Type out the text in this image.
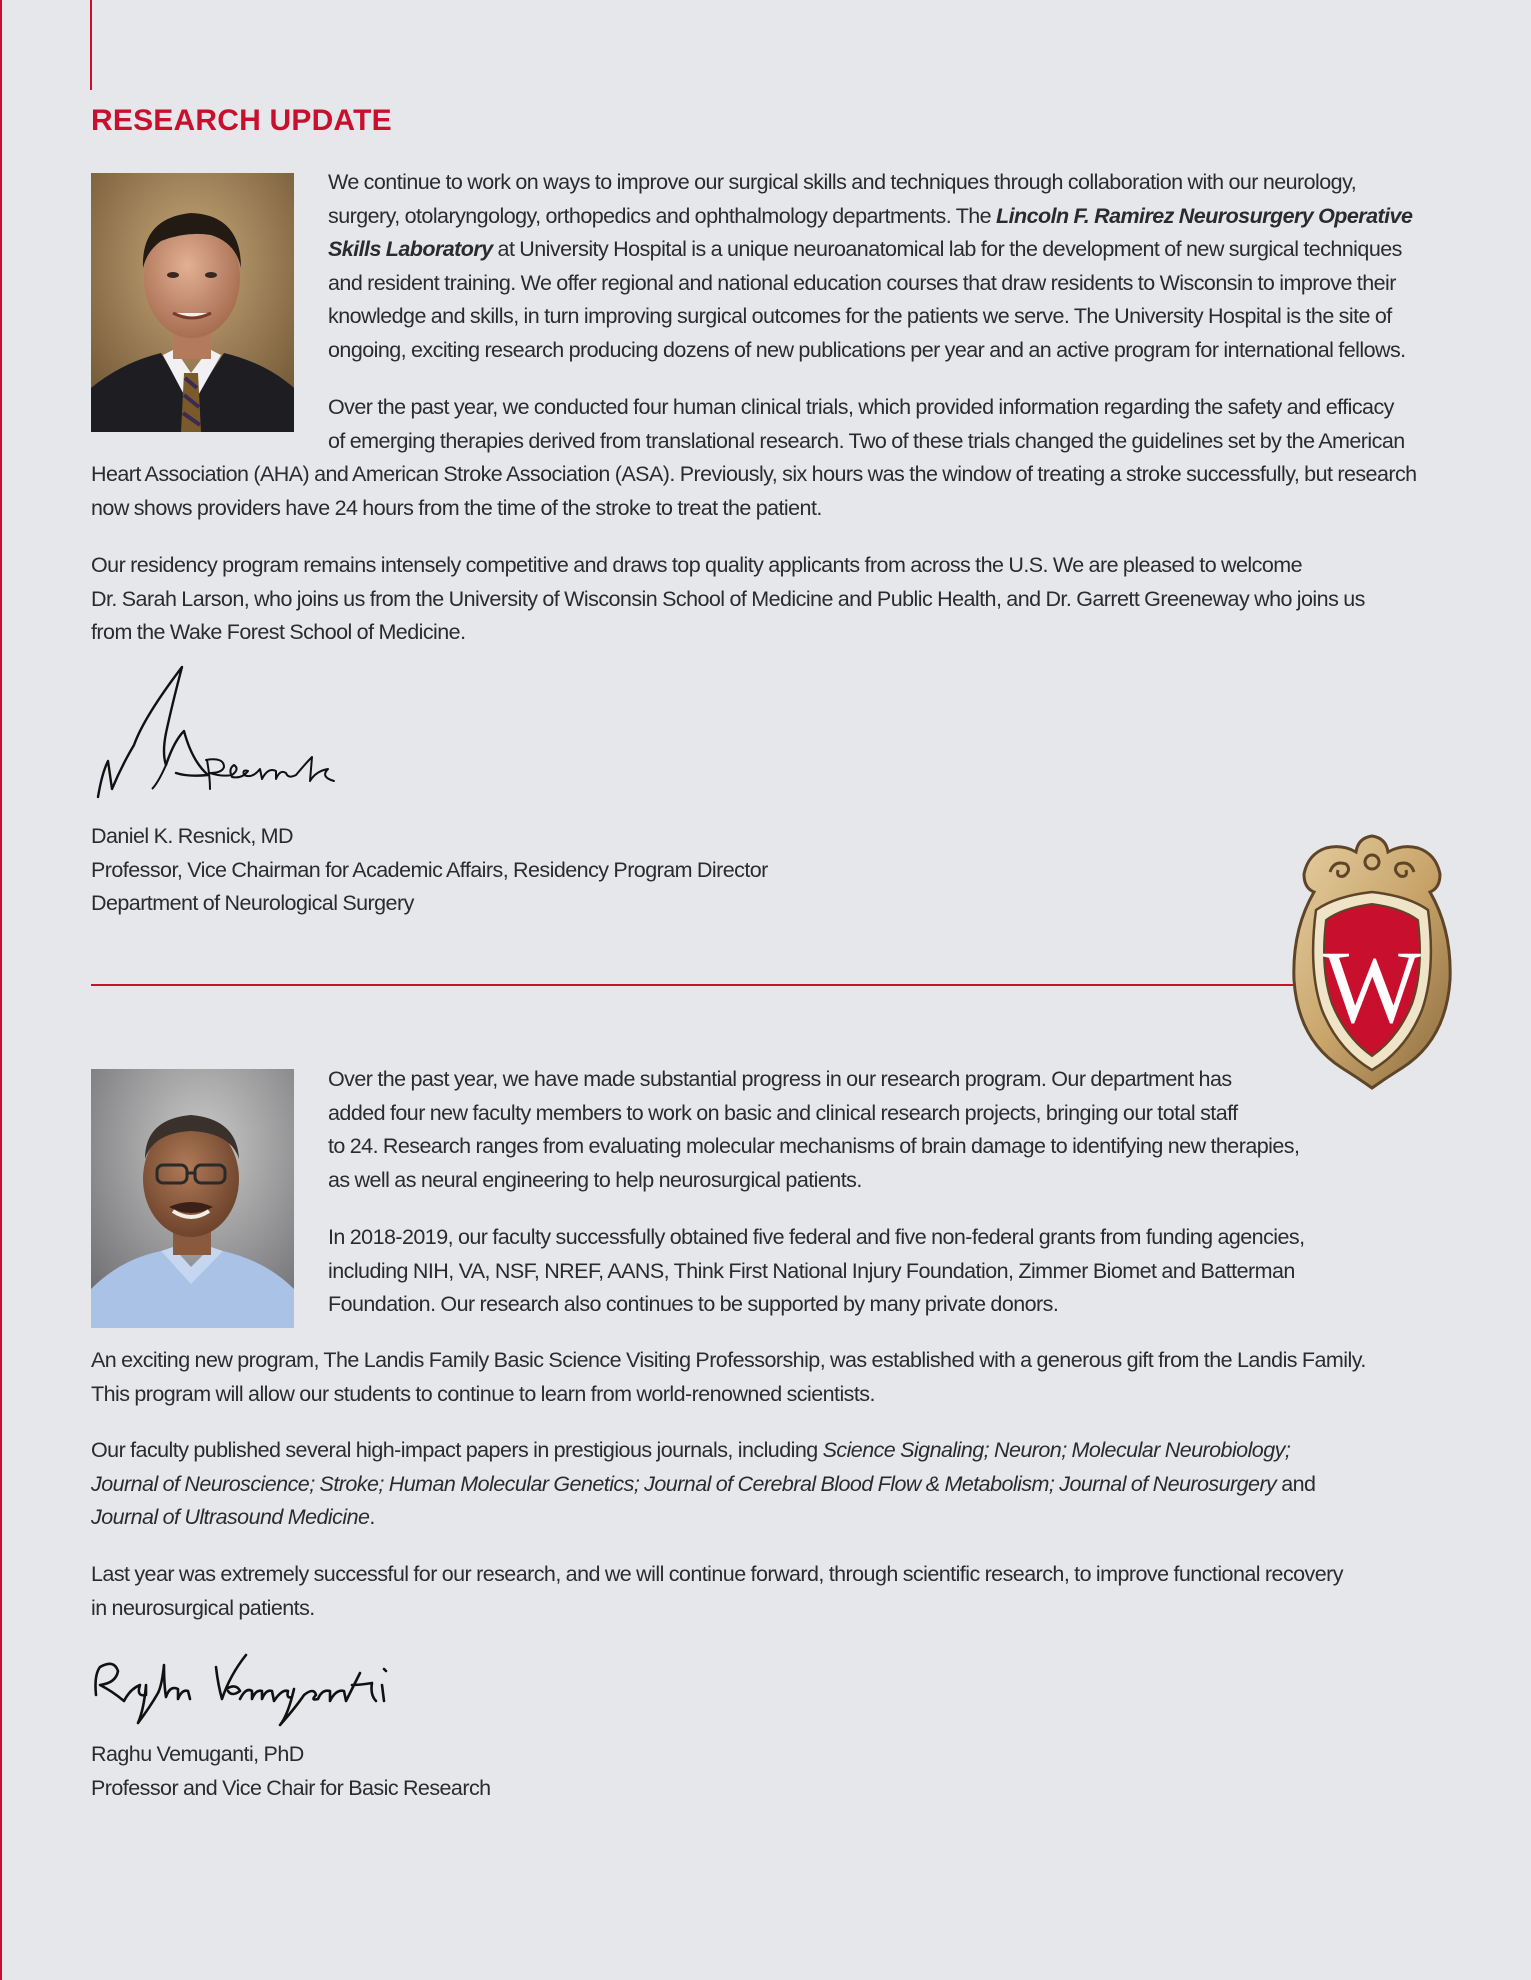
RESEARCH UPDATE

We continue to work on ways to improve our surgical skills and techniques through collaboration with our neurology,
surgery, otolaryngology, orthopedics and ophthalmology departments. The Lincoln F. Ramirez Neurosurgery Operative
Skills Laboratory at University Hospital is a unique neuroanatomical lab for the development of new surgical techniques
and resident training. We offer regional and national education courses that draw residents to Wisconsin to improve their
knowledge and skills, in turn improving surgical outcomes for the patients we serve. The University Hospital is the site of
ongoing, exciting research producing dozens of new publications per year and an active program for international fellows.

Over the past year, we conducted four human clinical trials, which provided information regarding the safety and efficacy
of emerging therapies derived from translational research. Two of these trials changed the guidelines set by the American

Heart Association (AHA) and American Stroke Association (ASA). Previously, six hours was the window of treating a stroke successfully, but research
now shows providers have 24 hours from the time of the stroke to treat the patient.

Our residency program remains intensely competitive and draws top quality applicants from across the U.S. We are pleased to welcome
Dr. Sarah Larson, who joins us from the University of Wisconsin School of Medicine and Public Health, and Dr. Garrett Greeneway who joins us
from the Wake Forest School of Medicine.

Daniel K. Resnick, MD
Professor, Vice Chairman for Academic Affairs, Residency Program Director
Department of Neurological Surgery
W

Over the past year, we have made substantial progress in our research program. Our department has
added four new faculty members to work on basic and clinical research projects, bringing our total staff
to 24. Research ranges from evaluating molecular mechanisms of brain damage to identifying new therapies,
as well as neural engineering to help neurosurgical patients.

In 2018-2019, our faculty successfully obtained five federal and five non-federal grants from funding agencies,
including NIH, VA, NSF, NREF, AANS, Think First National Injury Foundation, Zimmer Biomet and Batterman
Foundation. Our research also continues to be supported by many private donors.

An exciting new program, The Landis Family Basic Science Visiting Professorship, was established with a generous gift from the Landis Family.
This program will allow our students to continue to learn from world-renowned scientists.

Our faculty published several high-impact papers in prestigious journals, including Science Signaling; Neuron; Molecular Neurobiology;
Journal of Neuroscience; Stroke; Human Molecular Genetics; Journal of Cerebral Blood Flow & Metabolism; Journal of Neurosurgery and
Journal of Ultrasound Medicine.

Last year was extremely successful for our research, and we will continue forward, through scientific research, to improve functional recovery
in neurosurgical patients.

Raghu Vemuganti, PhD
Professor and Vice Chair for Basic Research
